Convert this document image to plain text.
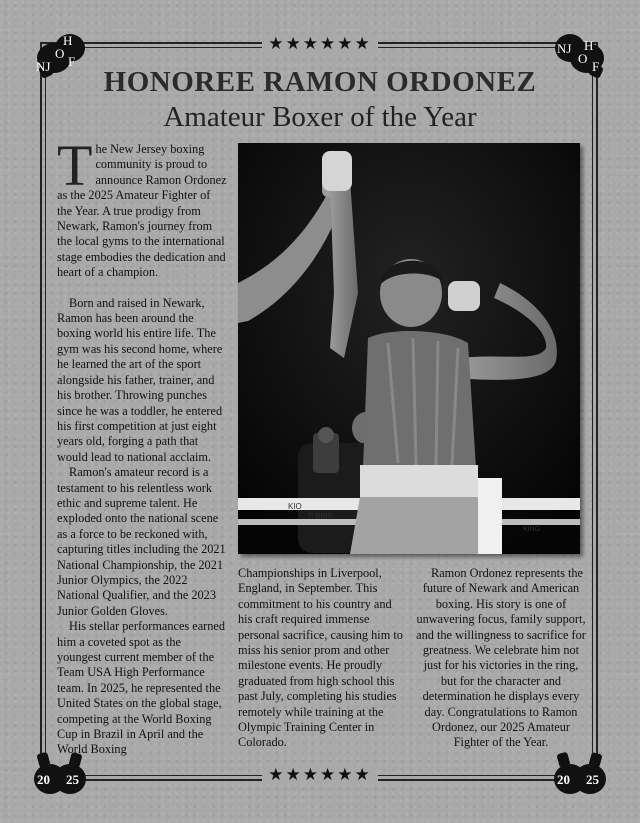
★★★★★★
★★★★★★
NJ
H
O
F
NJ H
O
F
20 25	20 25
HONOREE RAMON ORDONEZ
Amateur Boxer of the Year

The New Jersey boxing community is proud to announce Ramon Ordonez as the 2025 Amateur Fighter of the Year. A true prodigy from Newark, Ramon's journey from the local gyms to the international stage embodies the dedication and heart of a champion.

Born and raised in Newark, Ramon has been around the boxing world his entire life. The gym was his second home, where he learned the art of the sport alongside his father, trainer, and his brother. Throwing punches since he was a toddler, he entered his first competition at just eight years old, forging a path that would lead to national acclaim.

Ramon's amateur record is a testament to his relentless work ethic and supreme talent. He exploded onto the national scene as a force to be reckoned with, capturing titles including the 2021 National Championship, the 2021 Junior Olympics, the 2022 National Qualifier, and the 2023 Junior Golden Gloves.

His stellar performances earned him a coveted spot as the youngest current member of the Team USA High Performance team. In 2025, he represented the United States on the global stage, competing at the World Boxing Cup in Brazil in April and the World Boxing

KIO
T' RING
KING

Championships in Liverpool, England, in September. This commitment to his country and his craft required immense personal sacrifice, causing him to miss his senior prom and other milestone events. He proudly graduated from high school this past July, completing his studies remotely while training at the Olympic Training Center in Colorado.

Ramon Ordonez represents the future of Newark and American boxing. His story is one of unwavering focus, family support, and the willingness to sacrifice for greatness. We celebrate him not just for his victories in the ring, but for the character and determination he displays every day. Congratulations to Ramon Ordonez, our 2025 Amateur Fighter of the Year.
